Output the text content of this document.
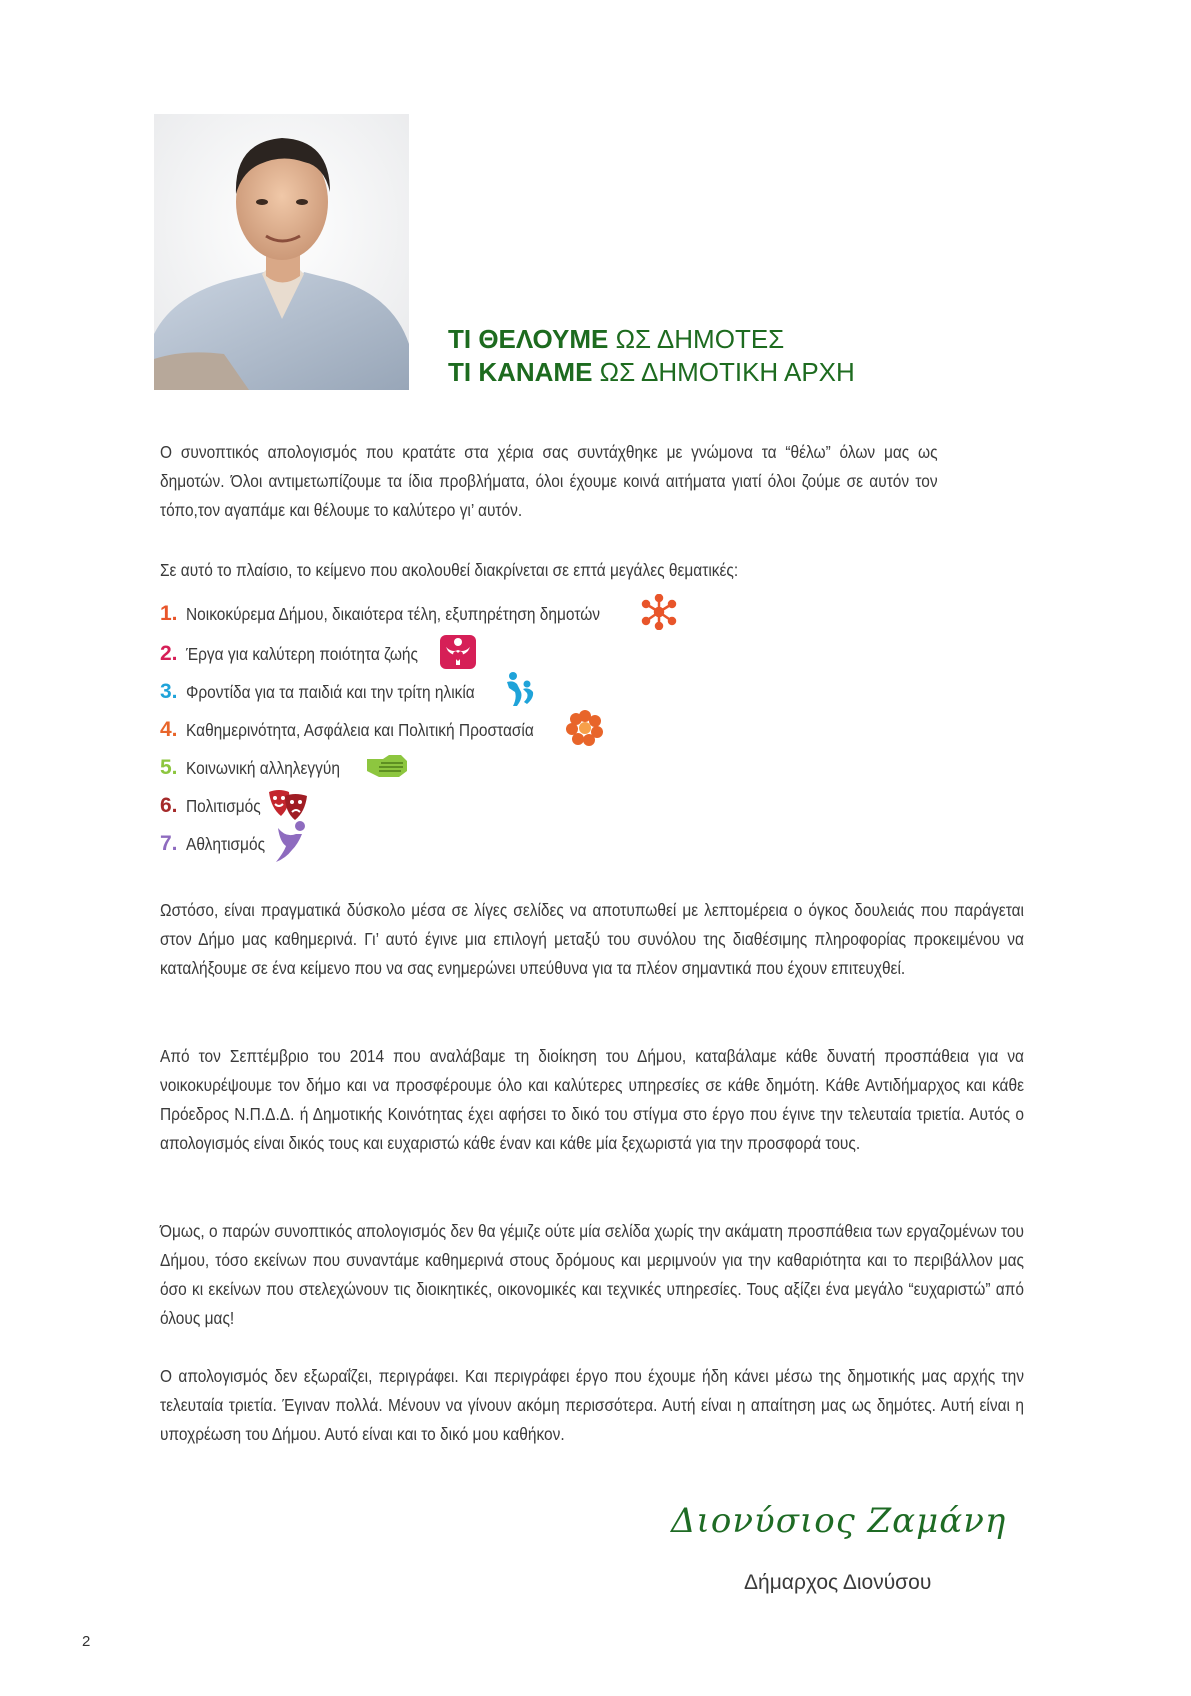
ΤΙ ΘΕΛΟΥΜΕ ΩΣ ΔΗΜΟΤΕΣ
ΤΙ ΚΑΝΑΜΕ ΩΣ ΔΗΜΟΤΙΚΗ ΑΡΧΗ
Ο συνοπτικός απολογισμός που κρατάτε στα χέρια σας συντάχθηκε με γνώμονα τα “θέλω” όλων μας ως δημοτών. Όλοι αντιμετωπίζουμε τα ίδια προβλήματα, όλοι έχουμε κοινά αιτήματα γιατί όλοι ζούμε σε αυτόν τον τόπο,τον αγαπάμε και θέλουμε το καλύτερο γι’ αυτόν.
Σε αυτό το πλαίσιο, το κείμενο που ακολουθεί διακρίνεται σε επτά μεγάλες θεματικές:
1. Νοικοκύρεμα Δήμου, δικαιότερα τέλη, εξυπηρέτηση δημοτών
2. Έργα για καλύτερη ποιότητα ζωής
3. Φροντίδα για τα παιδιά και την τρίτη ηλικία
4. Καθημερινότητα, Ασφάλεια και Πολιτική Προστασία
5. Κοινωνική αλληλεγγύη
6. Πολιτισμός
7. Αθλητισμός
Ωστόσο, είναι πραγματικά δύσκολο μέσα σε λίγες σελίδες να αποτυπωθεί με λεπτομέρεια ο όγκος δουλειάς που παράγεται στον Δήμο μας καθημερινά. Γι’ αυτό έγινε μια επιλογή μεταξύ του συνόλου της διαθέσιμης πληροφορίας προκειμένου να καταλήξουμε σε ένα κείμενο που να σας ενημερώνει υπεύθυνα για τα πλέον σημαντικά που έχουν επιτευχθεί.
Από τον Σεπτέμβριο του 2014 που αναλάβαμε τη διοίκηση του Δήμου, καταβάλαμε κάθε δυνατή προσπάθεια για να νοικοκυρέψουμε τον δήμο και να προσφέρουμε όλο και καλύτερες υπηρεσίες σε κάθε δημότη. Κάθε Αντιδήμαρχος και κάθε Πρόεδρος Ν.Π.Δ.Δ. ή Δημοτικής Κοινότητας έχει αφήσει το δικό του στίγμα στο έργο που έγινε την τελευταία τριετία. Αυτός ο απολογισμός είναι δικός τους και ευχαριστώ κάθε έναν και κάθε μία ξεχωριστά για την προσφορά τους.
Όμως, ο παρών συνοπτικός απολογισμός δεν θα γέμιζε ούτε μία σελίδα χωρίς την ακάματη προσπάθεια των εργαζομένων του Δήμου, τόσο εκείνων που συναντάμε καθημερινά στους δρόμους και μεριμνούν για την καθαριότητα και το περιβάλλον μας όσο κι εκείνων που στελεχώνουν τις διοικητικές, οικονομικές και τεχνικές υπηρεσίες. Τους αξίζει ένα μεγάλο “ευχαριστώ” από όλους μας!
Ο απολογισμός δεν εξωραΐζει, περιγράφει. Και περιγράφει έργο που έχουμε ήδη κάνει μέσω της δημοτικής μας αρχής την τελευταία τριετία. Έγιναν πολλά. Μένουν να γίνουν ακόμη περισσότερα. Αυτή είναι η απαίτηση μας ως δημότες. Αυτή είναι η υποχρέωση του Δήμου. Αυτό είναι και το δικό μου καθήκον.
Διονύσιος Ζαμάνης
Δήμαρχος Διονύσου
2
